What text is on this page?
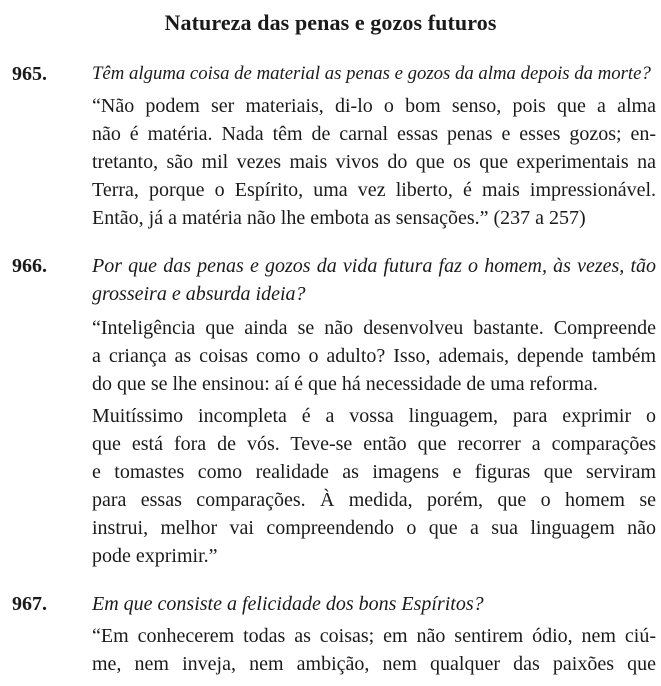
Natureza das penas e gozos futuros
965. Têm alguma coisa de material as penas e gozos da alma depois da morte?
“Não podem ser materiais, di-lo o bom senso, pois que a alma
não é matéria. Nada têm de carnal essas penas e esses gozos; en-
tretanto, são mil vezes mais vivos do que os que experimentais na
Terra, porque o Espírito, uma vez liberto, é mais impressionável.
Então, já a matéria não lhe embota as sensações.” (237 a 257)
966. Por que das penas e gozos da vida futura faz o homem, às vezes, tão
grosseira e absurda ideia?
“Inteligência que ainda se não desenvolveu bastante. Compreende
a criança as coisas como o adulto? Isso, ademais, depende também
do que se lhe ensinou: aí é que há necessidade de uma reforma.
Muitíssimo incompleta é a vossa linguagem, para exprimir o
que está fora de vós. Teve-se então que recorrer a comparações
e tomastes como realidade as imagens e figuras que serviram
para essas comparações. À medida, porém, que o homem se
instrui, melhor vai compreendendo o que a sua linguagem não
pode exprimir.”
967. Em que consiste a felicidade dos bons Espíritos?
“Em conhecerem todas as coisas; em não sentirem ódio, nem ciú-
me, nem inveja, nem ambição, nem qualquer das paixões que
